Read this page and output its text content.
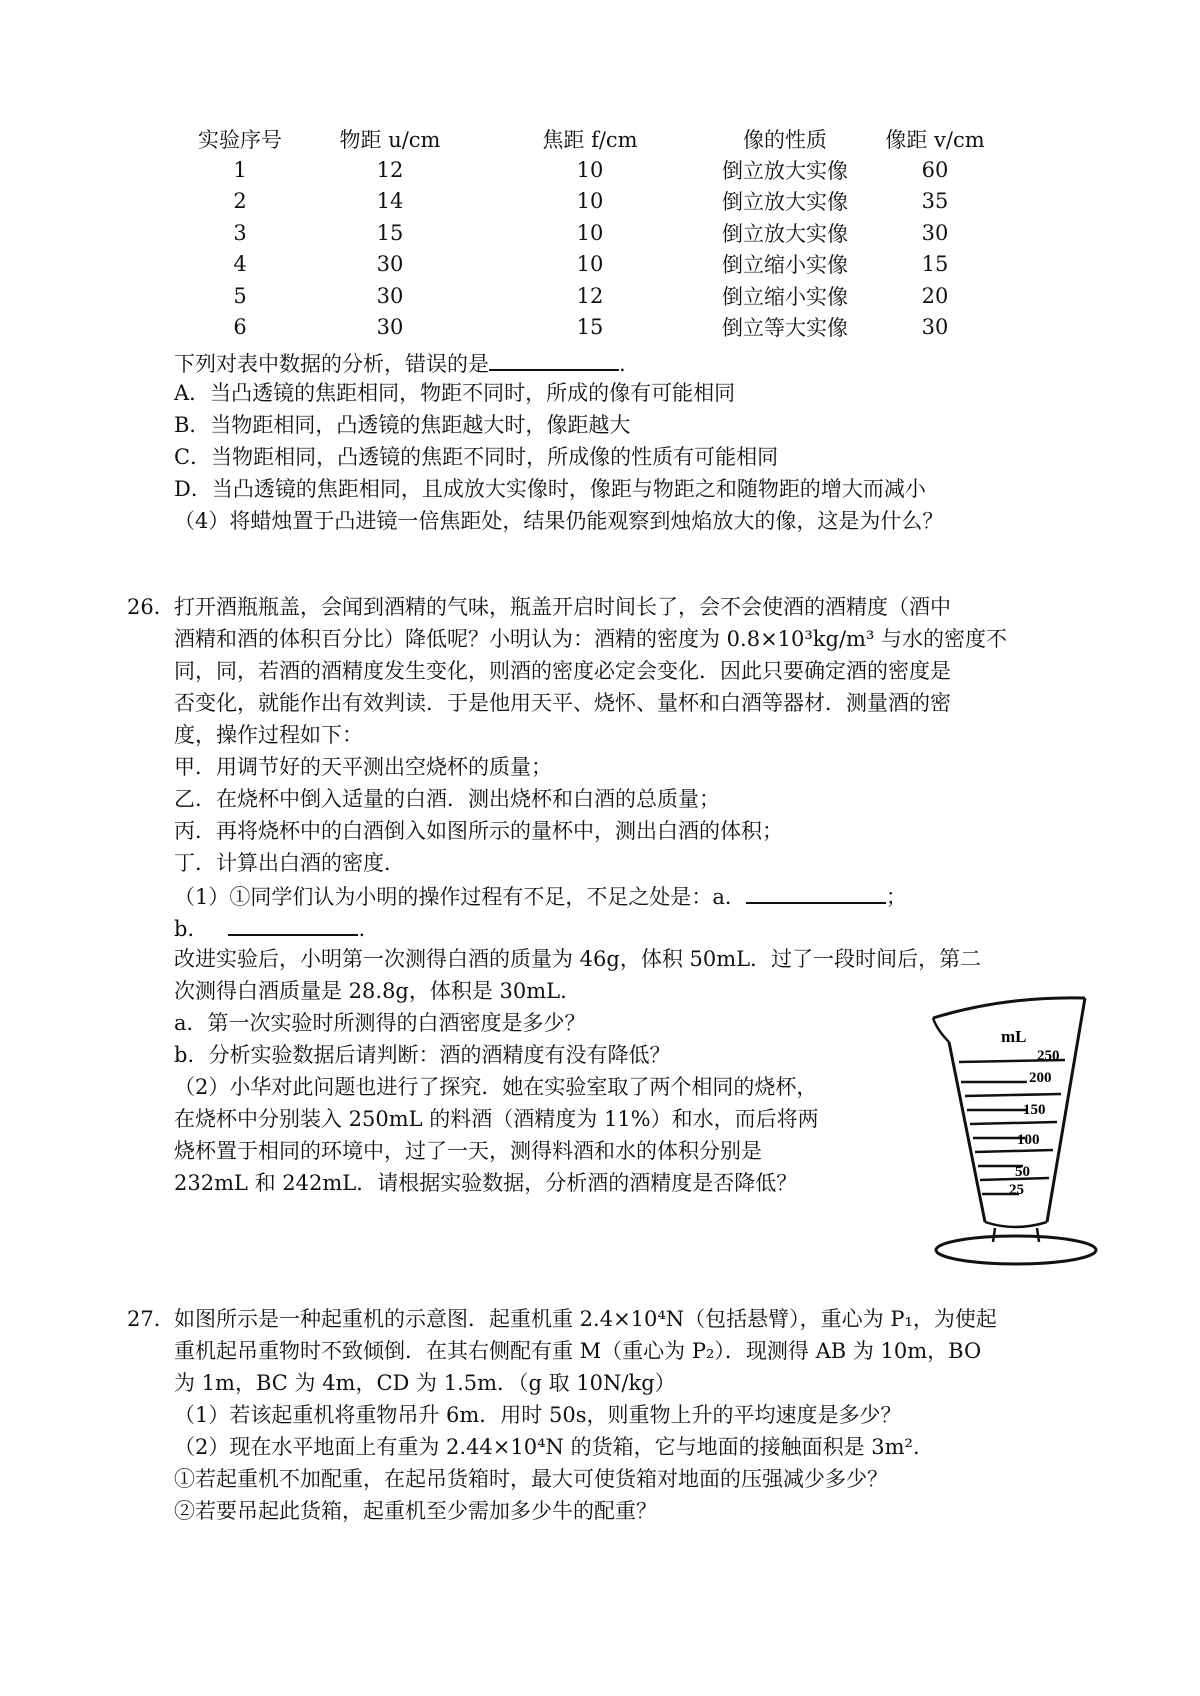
实验序号	物距 u/cm	焦距 f/cm	像的性质	像距 v/cm
1	12	10	倒立放大实像	60
2	14	10	倒立放大实像	35
3	15	10	倒立放大实像	30
4	30	10	倒立缩小实像	15
5	30	12	倒立缩小实像	20
6	30	15	倒立等大实像	30
下列对表中数据的分析，错误的是	.
A．当凸透镜的焦距相同，物距不同时，所成的像有可能相同
B．当物距相同，凸透镜的焦距越大时，像距越大
C．当物距相同，凸透镜的焦距不同时，所成像的性质有可能相同
D．当凸透镜的焦距相同，且成放大实像时，像距与物距之和随物距的增大而减小
（4）将蜡烛置于凸进镜一倍焦距处，结果仍能观察到烛焰放大的像，这是为什么？
26． 打开酒瓶瓶盖，会闻到酒精的气味，瓶盖开启时间长了，会不会使酒的酒精度（酒中
酒精和酒的体积百分比）降低呢？小明认为：酒精的密度为 0.8×10³kg/m³ 与水的密度不
同，同，若酒的酒精度发生变化，则酒的密度必定会变化．因此只要确定酒的密度是
否变化，就能作出有效判读．于是他用天平、烧怀、量杯和白酒等器材．测量酒的密
度，操作过程如下：
甲．用调节好的天平测出空烧杯的质量；
乙．在烧杯中倒入适量的白酒．测出烧杯和白酒的总质量；
丙．再将烧杯中的白酒倒入如图所示的量杯中，测出白酒的体积；
丁．计算出白酒的密度．
（1）①同学们认为小明的操作过程有不足，不足之处是：a．	；
b．	.
改进实验后，小明第一次测得白酒的质量为 46g，体积 50mL．过了一段时间后，第二
次测得白酒质量是 28.8g，体积是 30mL.
a．第一次实验时所测得的白酒密度是多少？
b．分析实验数据后请判断：酒的酒精度有没有降低？
（2）小华对此问题也进行了探究．她在实验室取了两个相同的烧杯，
在烧杯中分别装入 250mL 的料酒（酒精度为 11%）和水，而后将两
烧杯置于相同的环境中，过了一天，测得料酒和水的体积分别是
232mL 和 242mL．请根据实验数据，分析酒的酒精度是否降低？
mL
250
200
150
100
50
25
27． 如图所示是一种起重机的示意图．起重机重 2.4×10⁴N（包括悬臂），重心为 P₁，为使起
重机起吊重物时不致倾倒．在其右侧配有重 M（重心为 P₂）．现测得 AB 为 10m，BO
为 1m，BC 为 4m，CD 为 1.5m．（g 取 10N/kg）
（1）若该起重机将重物吊升 6m．用时 50s，则重物上升的平均速度是多少？
（2）现在水平地面上有重为 2.44×10⁴N 的货箱，它与地面的接触面积是 3m².
①若起重机不加配重，在起吊货箱时，最大可使货箱对地面的压强减少多少？
②若要吊起此货箱，起重机至少需加多少牛的配重？
